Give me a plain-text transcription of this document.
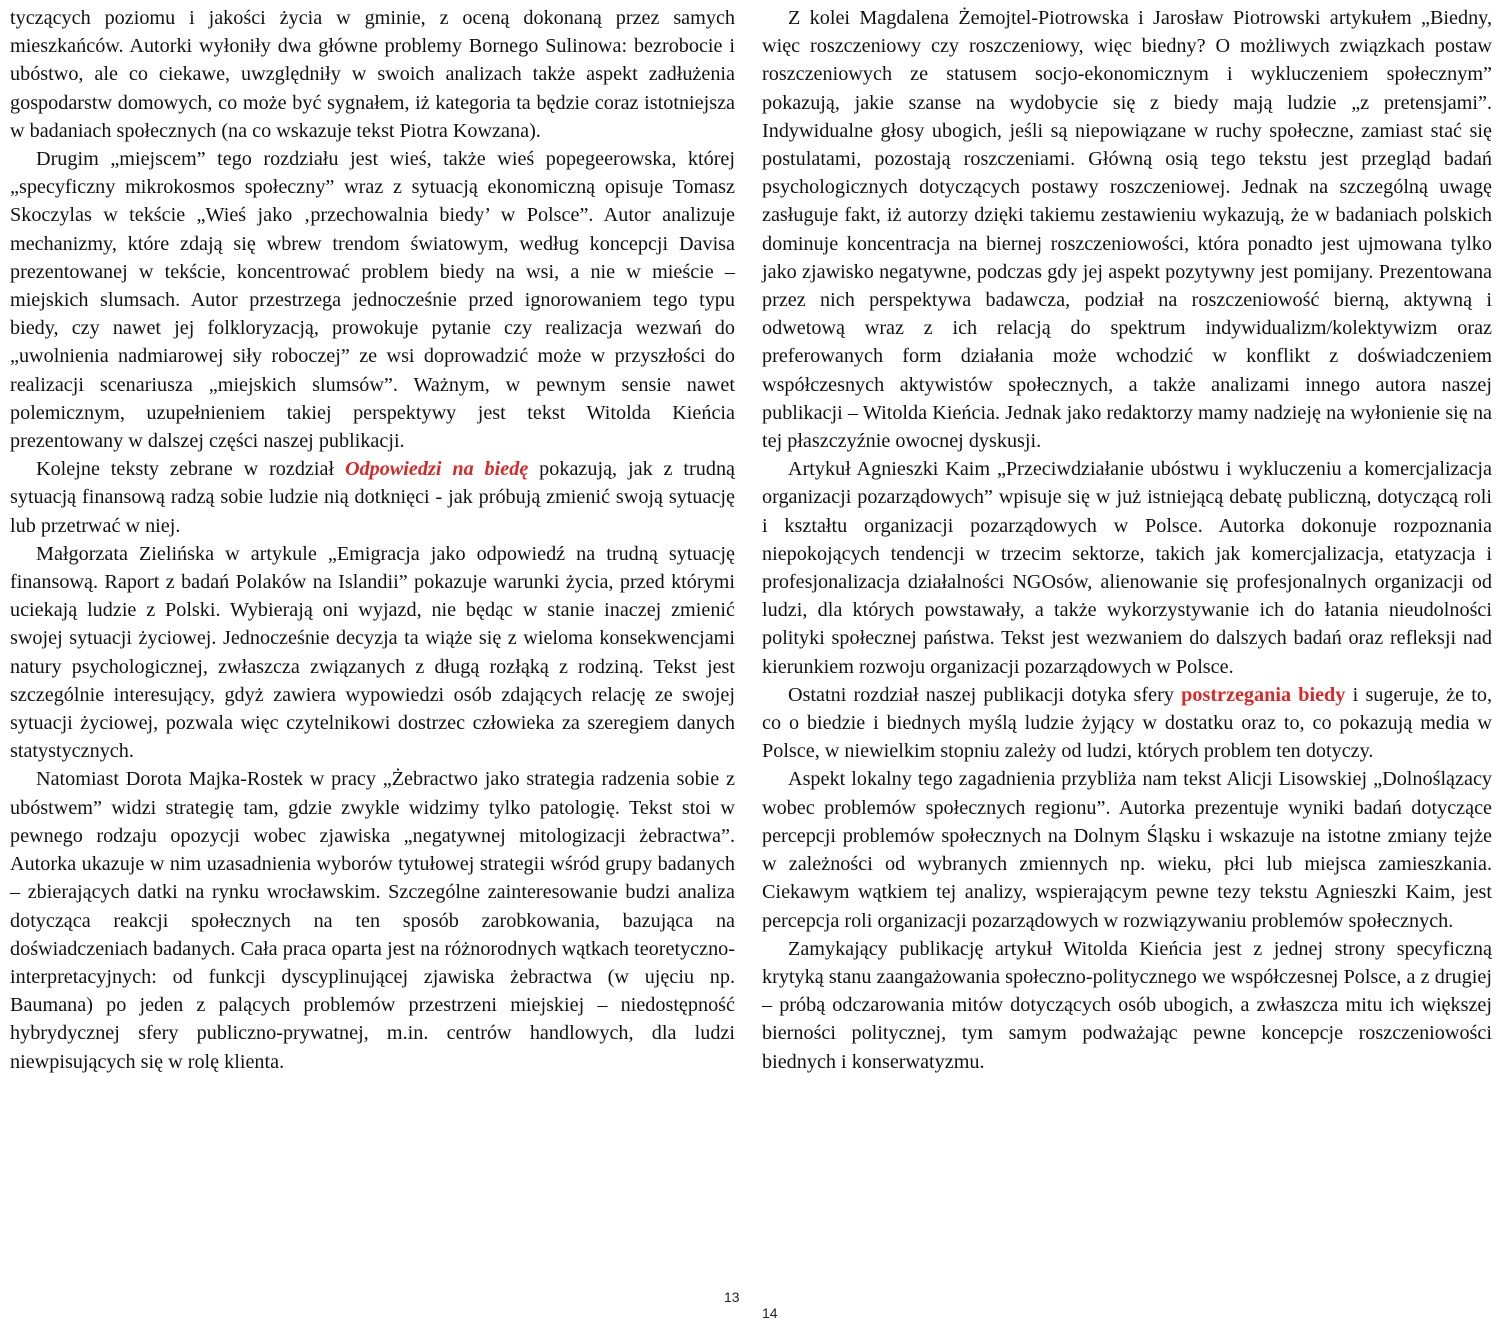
tyczących poziomu i jakości życia w gminie, z oceną dokonaną przez samych mieszkańców. Autorki wyłoniły dwa główne problemy Bornego Sulinowa: bezrobocie i ubóstwo, ale co ciekawe, uwzględniły w swoich analizach także aspekt zadłużenia gospodarstw domowych, co może być sygnałem, iż kategoria ta będzie coraz istotniejsza w badaniach społecznych (na co wskazuje tekst Piotra Kowzana).

Drugim „miejscem” tego rozdziału jest wieś, także wieś popegeerowska, której „specyficzny mikrokosmos społeczny” wraz z sytuacją ekonomiczną opisuje Tomasz Skoczylas w tekście „Wieś jako ‚przechowalnia biedy’ w Polsce”. Autor analizuje mechanizmy, które zdają się wbrew trendom światowym, według koncepcji Davisa prezentowanej w tekście, koncentrować problem biedy na wsi, a nie w mieście – miejskich slumsach. Autor przestrzega jednocześnie przed ignorowaniem tego typu biedy, czy nawet jej folkloryzacją, prowokuje pytanie czy realizacja wezwań do „uwolnienia nadmiarowej siły roboczej” ze wsi doprowadzić może w przyszłości do realizacji scenariusza „miejskich slumsów”. Ważnym, w pewnym sensie nawet polemicznym, uzupełnieniem takiej perspektywy jest tekst Witolda Kieńcia prezentowany w dalszej części naszej publikacji.

Kolejne teksty zebrane w rozdział Odpowiedzi na biedę pokazują, jak z trudną sytuacją finansową radzą sobie ludzie nią dotknięci - jak próbują zmienić swoją sytuację lub przetrwać w niej.

Małgorzata Zielińska w artykule „Emigracja jako odpowiedź na trudną sytuację finansową. Raport z badań Polaków na Islandii” pokazuje warunki życia, przed którymi uciekają ludzie z Polski. Wybierają oni wyjazd, nie będąc w stanie inaczej zmienić swojej sytuacji życiowej. Jednocześnie decyzja ta wiąże się z wieloma konsekwencjami natury psychologicznej, zwłaszcza związanych z długą rozłąką z rodziną. Tekst jest szczególnie interesujący, gdyż zawiera wypowiedzi osób zdających relację ze swojej sytuacji życiowej, pozwala więc czytelnikowi dostrzec człowieka za szeregiem danych statystycznych.

Natomiast Dorota Majka-Rostek w pracy „Żebractwo jako strategia radzenia sobie z ubóstwem” widzi strategię tam, gdzie zwykle widzimy tylko patologię. Tekst stoi w pewnego rodzaju opozycji wobec zjawiska „negatywnej mitologizacji żebractwa”. Autorka ukazuje w nim uzasadnienia wyborów tytułowej strategii wśród grupy badanych – zbierających datki na rynku wrocławskim. Szczególne zainteresowanie budzi analiza dotycząca reakcji społecznych na ten sposób zarobkowania, bazująca na doświadczeniach badanych. Cała praca oparta jest na różnorodnych wątkach teoretyczno-interpretacyjnych: od funkcji dyscyplinującej zjawiska żebractwa (w ujęciu np. Baumana) po jeden z palących problemów przestrzeni miejskiej – niedostępność hybrydycznej sfery publiczno-prywatnej, m.in. centrów handlowych, dla ludzi niewpisujących się w rolę klienta.

13

Z kolei Magdalena Żemojtel-Piotrowska i Jarosław Piotrowski artykułem „Biedny, więc roszczeniowy czy roszczeniowy, więc biedny? O możliwych związkach postaw roszczeniowych ze statusem socjo-ekonomicznym i wykluczeniem społecznym” pokazują, jakie szanse na wydobycie się z biedy mają ludzie „z pretensjami”. Indywidualne głosy ubogich, jeśli są niepowiązane w ruchy społeczne, zamiast stać się postulatami, pozostają roszczeniami. Główną osią tego tekstu jest przegląd badań psychologicznych dotyczących postawy roszczeniowej. Jednak na szczególną uwagę zasługuje fakt, iż autorzy dzięki takiemu zestawieniu wykazują, że w badaniach polskich dominuje koncentracja na biernej roszczeniowości, która ponadto jest ujmowana tylko jako zjawisko negatywne, podczas gdy jej aspekt pozytywny jest pomijany. Prezentowana przez nich perspektywa badawcza, podział na roszczeniowość bierną, aktywną i odwetową wraz z ich relacją do spektrum indywidualizm/kolektywizm oraz preferowanych form działania może wchodzić w konflikt z doświadczeniem współczesnych aktywistów społecznych, a także analizami innego autora naszej publikacji – Witolda Kieńcia. Jednak jako redaktorzy mamy nadzieję na wyłonienie się na tej płaszczyźnie owocnej dyskusji.

Artykuł Agnieszki Kaim „Przeciwdziałanie ubóstwu i wykluczeniu a komercjalizacja organizacji pozarządowych” wpisuje się w już istniejącą debatę publiczną, dotyczącą roli i kształtu organizacji pozarządowych w Polsce. Autorka dokonuje rozpoznania niepokojących tendencji w trzecim sektorze, takich jak komercjalizacja, etatyzacja i profesjonalizacja działalności NGOsów, alienowanie się profesjonalnych organizacji od ludzi, dla których powstawały, a także wykorzystywanie ich do łatania nieudolności polityki społecznej państwa. Tekst jest wezwaniem do dalszych badań oraz refleksji nad kierunkiem rozwoju organizacji pozarządowych w Polsce.

Ostatni rozdział naszej publikacji dotyka sfery postrzegania biedy i sugeruje, że to, co o biedzie i biednych myślą ludzie żyjący w dostatku oraz to, co pokazują media w Polsce, w niewielkim stopniu zależy od ludzi, których problem ten dotyczy.

Aspekt lokalny tego zagadnienia przybliża nam tekst Alicji Lisowskiej „Dolnoślązacy wobec problemów społecznych regionu”. Autorka prezentuje wyniki badań dotyczące percepcji problemów społecznych na Dolnym Śląsku i wskazuje na istotne zmiany tejże w zależności od wybranych zmiennych np. wieku, płci lub miejsca zamieszkania. Ciekawym wątkiem tej analizy, wspierającym pewne tezy tekstu Agnieszki Kaim, jest percepcja roli organizacji pozarządowych w rozwiązywaniu problemów społecznych.

Zamykający publikację artykuł Witolda Kieńcia jest z jednej strony specyficzną krytyką stanu zaangażowania społeczno-politycznego we współczesnej Polsce, a z drugiej – próbą odczarowania mitów dotyczących osób ubogich, a zwłaszcza mitu ich większej bierności politycznej, tym samym podważając pewne koncepcje roszczeniowości biednych i konserwatyzmu.

14
